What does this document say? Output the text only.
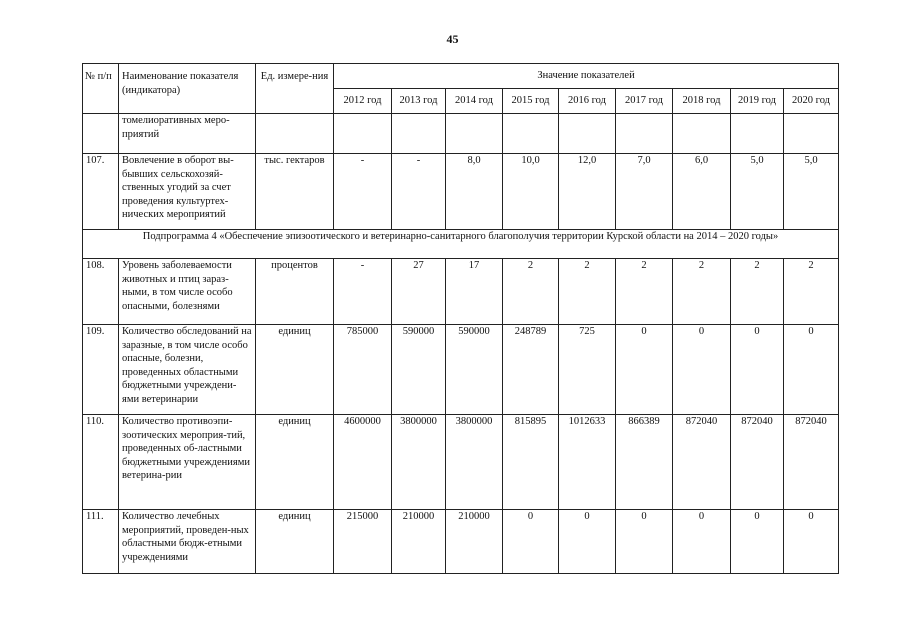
45
№ п/п	Наименование показателя (индикатора)	Ед. измере-ния	Значение показателей								
			2012 год	2013 год	2014 год	2015 год	2016 год	2017 год	2018 год	2019 год	2020 год
	томелиоративных меро-приятий										
107.	Вовлечение в оборот вы-бывших сельскохозяй-ственных угодий за счет проведения культуртех-нических мероприятий	тыс. гектаров	-	-	8,0	10,0	12,0	7,0	6,0	5,0	5,0
Подпрограмма 4 «Обеспечение эпизоотического и ветеринарно-санитарного благополучия территории Курской области на 2014 – 2020 годы»											
108.	Уровень заболеваемости животных и птиц зараз-ными, в том числе особо опасными, болезнями	процентов	-	27	17	2	2	2	2	2	2
109.	Количество обследований на заразные, в том числе особо опасные, болезни, проведенных областными бюджетными учреждени-ями ветеринарии	единиц	785000	590000	590000	248789	725	0	0	0	0
110.	Количество противоэпи-зоотических мероприя-тий, проведенных об-ластными бюджетными учреждениями ветерина-рии	единиц	4600000	3800000	3800000	815895	1012633	866389	872040	872040	872040
111.	Количество лечебных мероприятий, проведен-ных областными бюдж-етными учреждениями	единиц	215000	210000	210000	0	0	0	0	0	0
